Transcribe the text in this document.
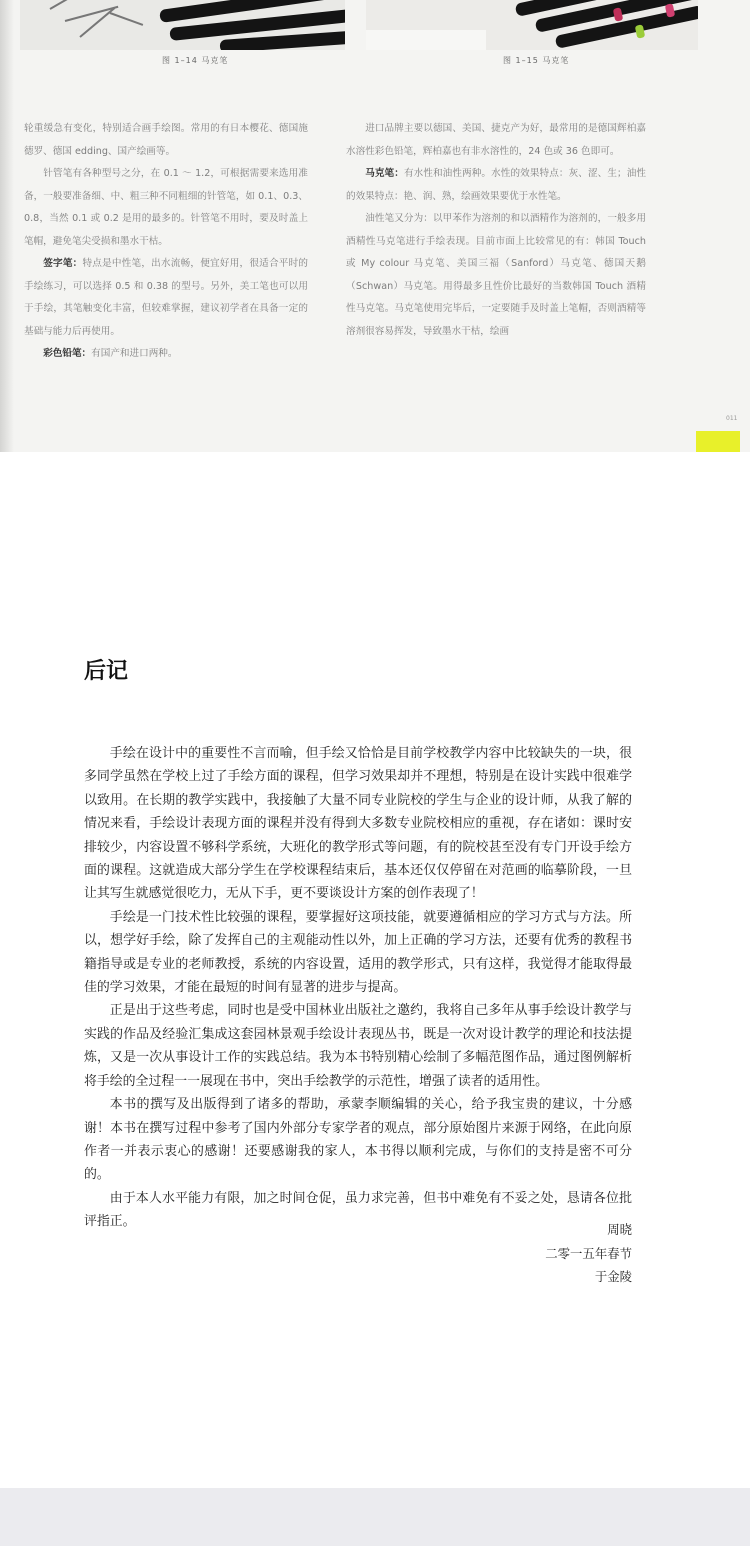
图 1–14 马克笔	图 1–15 马克笔

轮重缓急有变化，特别适合画手绘图。常用的有日本樱花、德国施德罗、德国 edding、国产绘画等。

针管笔有各种型号之分，在 0.1 ～ 1.2，可根据需要来选用准备，一般要准备细、中、粗三种不同粗细的针管笔，如 0.1、0.3、0.8，当然 0.1 或 0.2 是用的最多的。针管笔不用时，要及时盖上笔帽，避免笔尖受损和墨水干枯。

签字笔：特点是中性笔，出水流畅，便宜好用，很适合平时的手绘练习，可以选择 0.5 和 0.38 的型号。另外，美工笔也可以用于手绘，其笔触变化丰富，但较难掌握，建议初学者在具备一定的基础与能力后再使用。

彩色铅笔：有国产和进口两种。

进口品牌主要以德国、美国、捷克产为好，最常用的是德国辉柏嘉水溶性彩色铅笔，辉柏嘉也有非水溶性的，24 色或 36 色即可。

马克笔：有水性和油性两种。水性的效果特点：灰、涩、生；油性的效果特点：艳、润、熟，绘画效果要优于水性笔。

油性笔又分为：以甲苯作为溶剂的和以酒精作为溶剂的，一般多用酒精性马克笔进行手绘表现。目前市面上比较常见的有：韩国 Touch 或 My colour 马克笔、美国三福（Sanford）马克笔、德国天鹅（Schwan）马克笔。用得最多且性价比最好的当数韩国 Touch 酒精性马克笔。马克笔使用完毕后，一定要随手及时盖上笔帽，否则酒精等溶剂很容易挥发，导致墨水干枯，绘画

011
后记

手绘在设计中的重要性不言而喻，但手绘又恰恰是目前学校教学内容中比较缺失的一块，很多同学虽然在学校上过了手绘方面的课程，但学习效果却并不理想，特别是在设计实践中很难学以致用。在长期的教学实践中，我接触了大量不同专业院校的学生与企业的设计师，从我了解的情况来看，手绘设计表现方面的课程并没有得到大多数专业院校相应的重视，存在诸如：课时安排较少，内容设置不够科学系统，大班化的教学形式等问题，有的院校甚至没有专门开设手绘方面的课程。这就造成大部分学生在学校课程结束后，基本还仅仅停留在对范画的临摹阶段，一旦让其写生就感觉很吃力，无从下手，更不要谈设计方案的创作表现了！

手绘是一门技术性比较强的课程，要掌握好这项技能，就要遵循相应的学习方式与方法。所以，想学好手绘，除了发挥自己的主观能动性以外，加上正确的学习方法，还要有优秀的教程书籍指导或是专业的老师教授，系统的内容设置，适用的教学形式，只有这样，我觉得才能取得最佳的学习效果，才能在最短的时间有显著的进步与提高。

正是出于这些考虑，同时也是受中国林业出版社之邀约，我将自己多年从事手绘设计教学与实践的作品及经验汇集成这套园林景观手绘设计表现丛书，既是一次对设计教学的理论和技法提炼，又是一次从事设计工作的实践总结。我为本书特别精心绘制了多幅范图作品，通过图例解析将手绘的全过程一一展现在书中，突出手绘教学的示范性，增强了读者的适用性。

本书的撰写及出版得到了诸多的帮助，承蒙李顺编辑的关心，给予我宝贵的建议，十分感谢！本书在撰写过程中参考了国内外部分专家学者的观点，部分原始图片来源于网络，在此向原作者一并表示衷心的感谢！还要感谢我的家人，本书得以顺利完成，与你们的支持是密不可分的。

由于本人水平能力有限，加之时间仓促，虽力求完善，但书中难免有不妥之处，恳请各位批评指正。

周晓
二零一五年春节
于金陵
